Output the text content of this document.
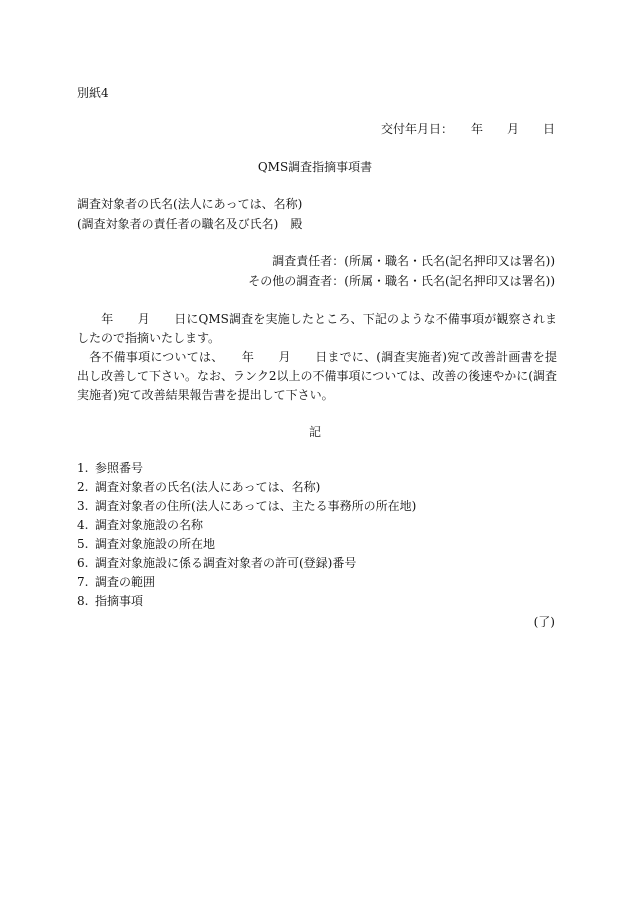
別紙4
交付年月日：　　年　　月　　日
QMS調査指摘事項書
調査対象者の氏名(法人にあっては、名称)
(調査対象者の責任者の職名及び氏名)　殿
調査責任者：(所属・職名・氏名(記名押印又は署名))
その他の調査者：(所属・職名・氏名(記名押印又は署名))

　　年　　月　　日にQMS調査を実施したところ、下記のような不備事項が観察されましたので指摘いたします。

　各不備事項については、　　年　　月　　日までに、(調査実施者)宛て改善計画書を提出し改善して下さい。なお、ランク2以上の不備事項については、改善の後速やかに(調査実施者)宛て改善結果報告書を提出して下さい。

記
1. 参照番号
2. 調査対象者の氏名(法人にあっては、名称)
3. 調査対象者の住所(法人にあっては、主たる事務所の所在地)
4. 調査対象施設の名称
5. 調査対象施設の所在地
6. 調査対象施設に係る調査対象者の許可(登録)番号
7. 調査の範囲
8. 指摘事項
(了)
